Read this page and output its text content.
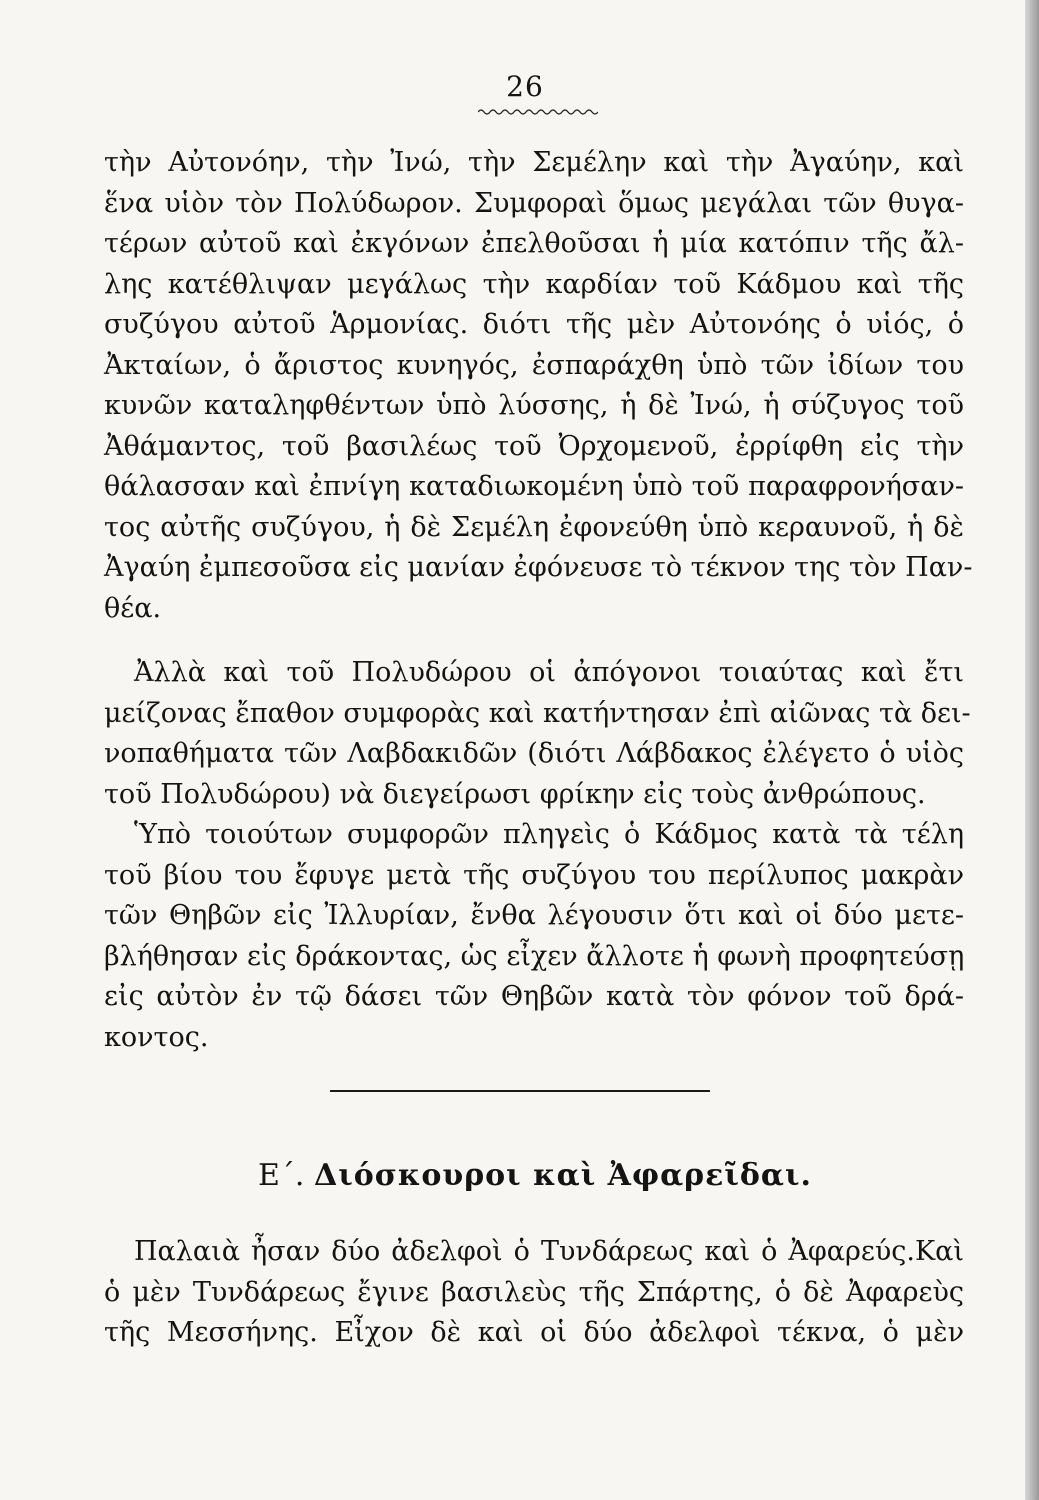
26
τὴν Αὐτονόην, τὴν Ἰνώ, τὴν Σεμέλην καὶ τὴν Ἀγαύην, καὶ
ἕνα υἱὸν τὸν Πολύδωρον. Συμφοραὶ ὅμως μεγάλαι τῶν θυγα-
τέρων αὐτοῦ καὶ ἐκγόνων ἐπελθοῦσαι ἡ μία κατόπιν τῆς ἄλ-
λης κατέθλιψαν μεγάλως τὴν καρδίαν τοῦ Κάδμου καὶ τῆς
συζύγου αὐτοῦ Ἁρμονίας. διότι τῆς μὲν Αὐτονόης ὁ υἱός, ὁ
Ἀκταίων, ὁ ἄριστος κυνηγός, ἐσπαράχθη ὑπὸ τῶν ἰδίων του
κυνῶν καταληφθέντων ὑπὸ λύσσης, ἡ δὲ Ἰνώ, ἡ σύζυγος τοῦ
Ἀθάμαντος, τοῦ βασιλέως τοῦ Ὀρχομενοῦ, ἐρρίφθη εἰς τὴν
θάλασσαν καὶ ἐπνίγη καταδιωκομένη ὑπὸ τοῦ παραφρονήσαν-
τος αὐτῆς συζύγου, ἡ δὲ Σεμέλη ἐφονεύθη ὑπὸ κεραυνοῦ, ἡ δὲ
Ἀγαύη ἐμπεσοῦσα εἰς μανίαν ἐφόνευσε τὸ τέκνον της τὸν Παν-
θέα.
Ἀλλὰ καὶ τοῦ Πολυδώρου οἱ ἀπόγονοι τοιαύτας καὶ ἔτι
μείζονας ἔπαθον συμφορὰς καὶ κατήντησαν ἐπὶ αἰῶνας τὰ δει-
νοπαθήματα τῶν Λαβδακιδῶν (διότι Λάβδακος ἐλέγετο ὁ υἱὸς
τοῦ Πολυδώρου) νὰ διεγείρωσι φρίκην εἰς τοὺς ἀνθρώπους.
Ὑπὸ τοιούτων συμφορῶν πληγεὶς ὁ Κάδμος κατὰ τὰ τέλη
τοῦ βίου του ἔφυγε μετὰ τῆς συζύγου του περίλυπος μακρὰν
τῶν Θηβῶν εἰς Ἰλλυρίαν, ἔνθα λέγουσιν ὅτι καὶ οἱ δύο μετε-
βλήθησαν εἰς δράκοντας, ὡς εἶχεν ἄλλοτε ἡ φωνὴ προφητεύσῃ
εἰς αὐτὸν ἐν τῷ δάσει τῶν Θηβῶν κατὰ τὸν φόνον τοῦ δρά-
κοντος.
Ε΄. Διόσκουροι καὶ Ἀφαρεῖδαι.
Παλαιὰ ἦσαν δύο ἀδελφοὶ ὁ Τυνδάρεως καὶ ὁ Ἀφαρεύς.Καὶ
ὁ μὲν Τυνδάρεως ἔγινε βασιλεὺς τῆς Σπάρτης, ὁ δὲ Ἀφαρεὺς
τῆς Μεσσήνης. Εἶχον δὲ καὶ οἱ δύο ἀδελφοὶ τέκνα, ὁ μὲν
